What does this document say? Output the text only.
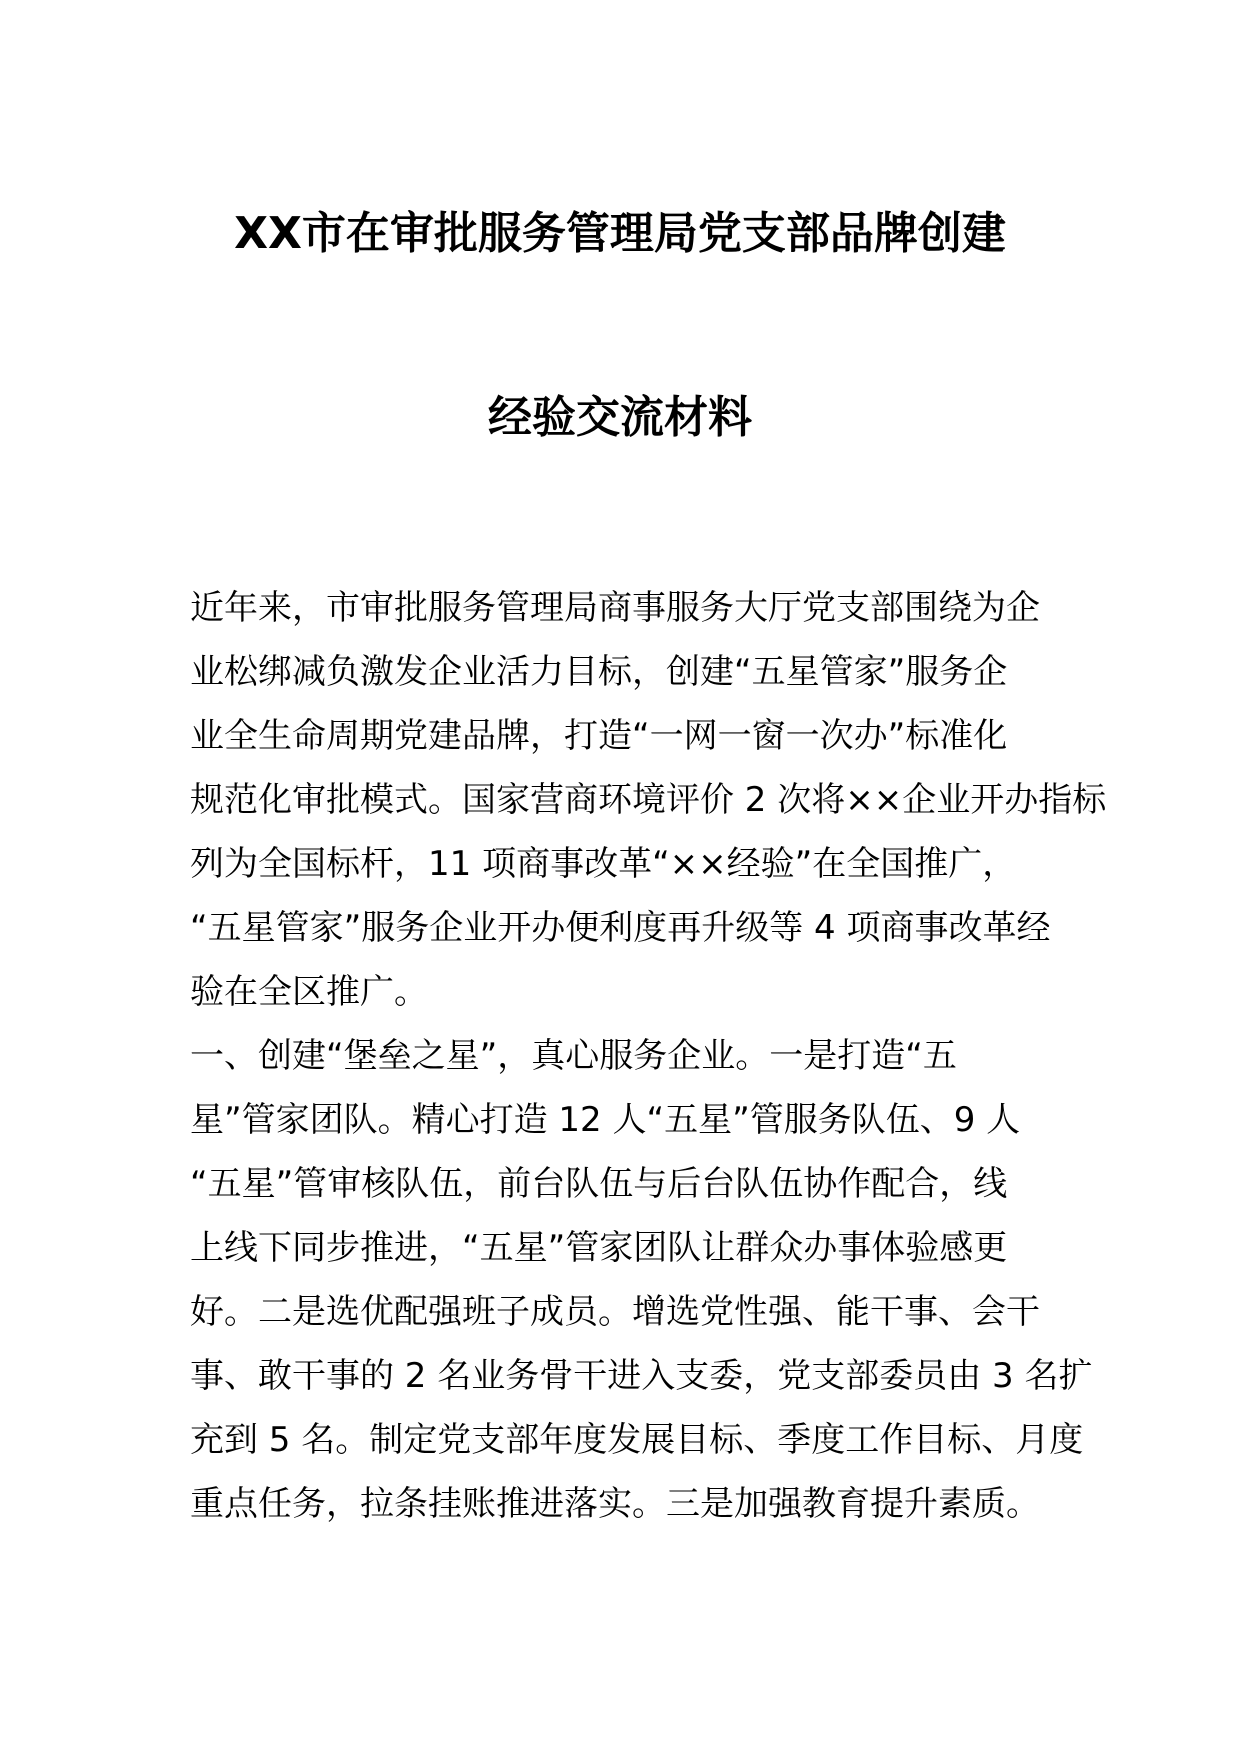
XX市在审批服务管理局党支部品牌创建
经验交流材料
近年来，市审批服务管理局商事服务大厅党支部围绕为企
业松绑减负激发企业活力目标，创建“五星管家”服务企
业全生命周期党建品牌，打造“一网一窗一次办”标准化
规范化审批模式。国家营商环境评价 2 次将××企业开办指标
列为全国标杆，11 项商事改革“××经验”在全国推广，
“五星管家”服务企业开办便利度再升级等 4 项商事改革经
验在全区推广。
一、创建“堡垒之星”，真心服务企业。一是打造“五
星”管家团队。精心打造 12 人“五星”管服务队伍、9 人
“五星”管审核队伍，前台队伍与后台队伍协作配合，线
上线下同步推进，“五星”管家团队让群众办事体验感更
好。二是选优配强班子成员。增选党性强、能干事、会干
事、敢干事的 2 名业务骨干进入支委，党支部委员由 3 名扩
充到 5 名。制定党支部年度发展目标、季度工作目标、月度
重点任务，拉条挂账推进落实。三是加强教育提升素质。
